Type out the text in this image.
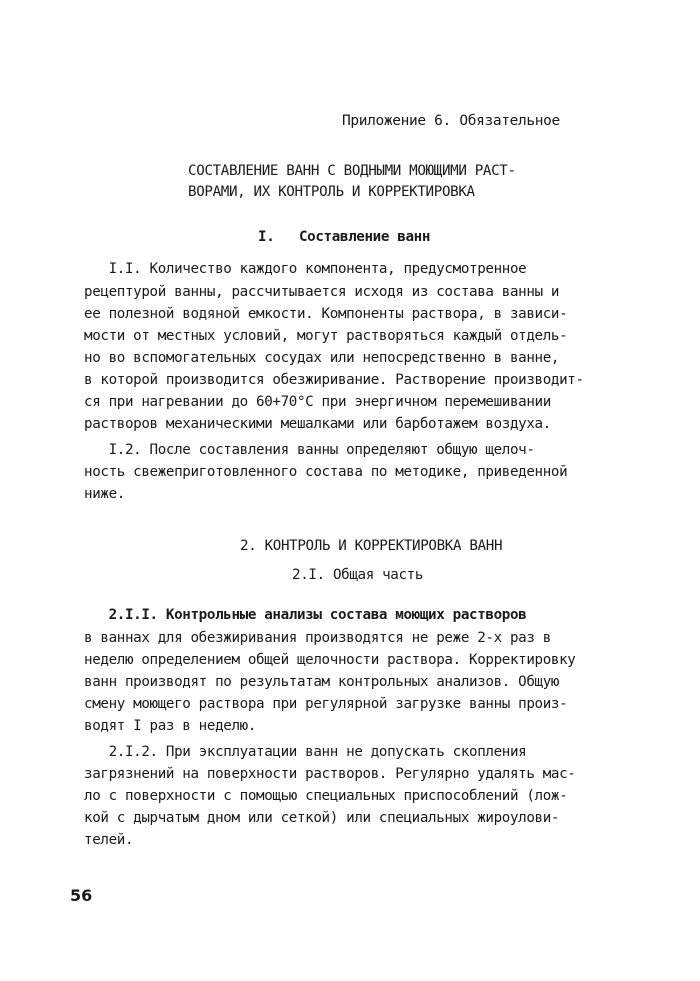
Приложение 6. Обязательное
СОСТАВЛЕНИЕ ВАНН С ВОДНЫМИ МОЮЩИМИ РАСТ-
ВОРАМИ, ИХ КОНТРОЛЬ И КОРРЕКТИРОВКА
I.   Составление ванн
I.I. Количество каждого компонента, предусмотренное
рецептурой ванны, рассчитывается исходя из состава ванны и
ее полезной водяной емкости. Компоненты раствора, в зависи-
мости от местных условий, могут растворяться каждый отдель-
но во вспомогательных сосудах или непосредственно в ванне,
в которой производится обезжиривание. Растворение производит-
ся при нагревании до 60+70°С при энергичном перемешивании
растворов механическими мешалками или барботажем воздуха.
I.2. После составления ванны определяют общую щелоч-
ность свежеприготовленного состава по методике, приведенной
ниже.
2. КОНТРОЛЬ И КОРРЕКТИРОВКА ВАНН
2.I. Общая часть
2.I.I. Контрольные анализы состава моющих растворов
в ваннах для обезжиривания производятся не реже 2-х раз в
неделю определением общей щелочности раствора. Корректировку
ванн производят по результатам контрольных анализов. Общую
смену моющего раствора при регулярной загрузке ванны произ-
водят I раз в неделю.
2.I.2. При эксплуатации ванн не допускать скопления
загрязнений на поверхности растворов. Регулярно удалять мас-
ло с поверхности с помощью специальных приспособлений (лож-
кой с дырчатым дном или сеткой) или специальных жироулови-
телей.
56
